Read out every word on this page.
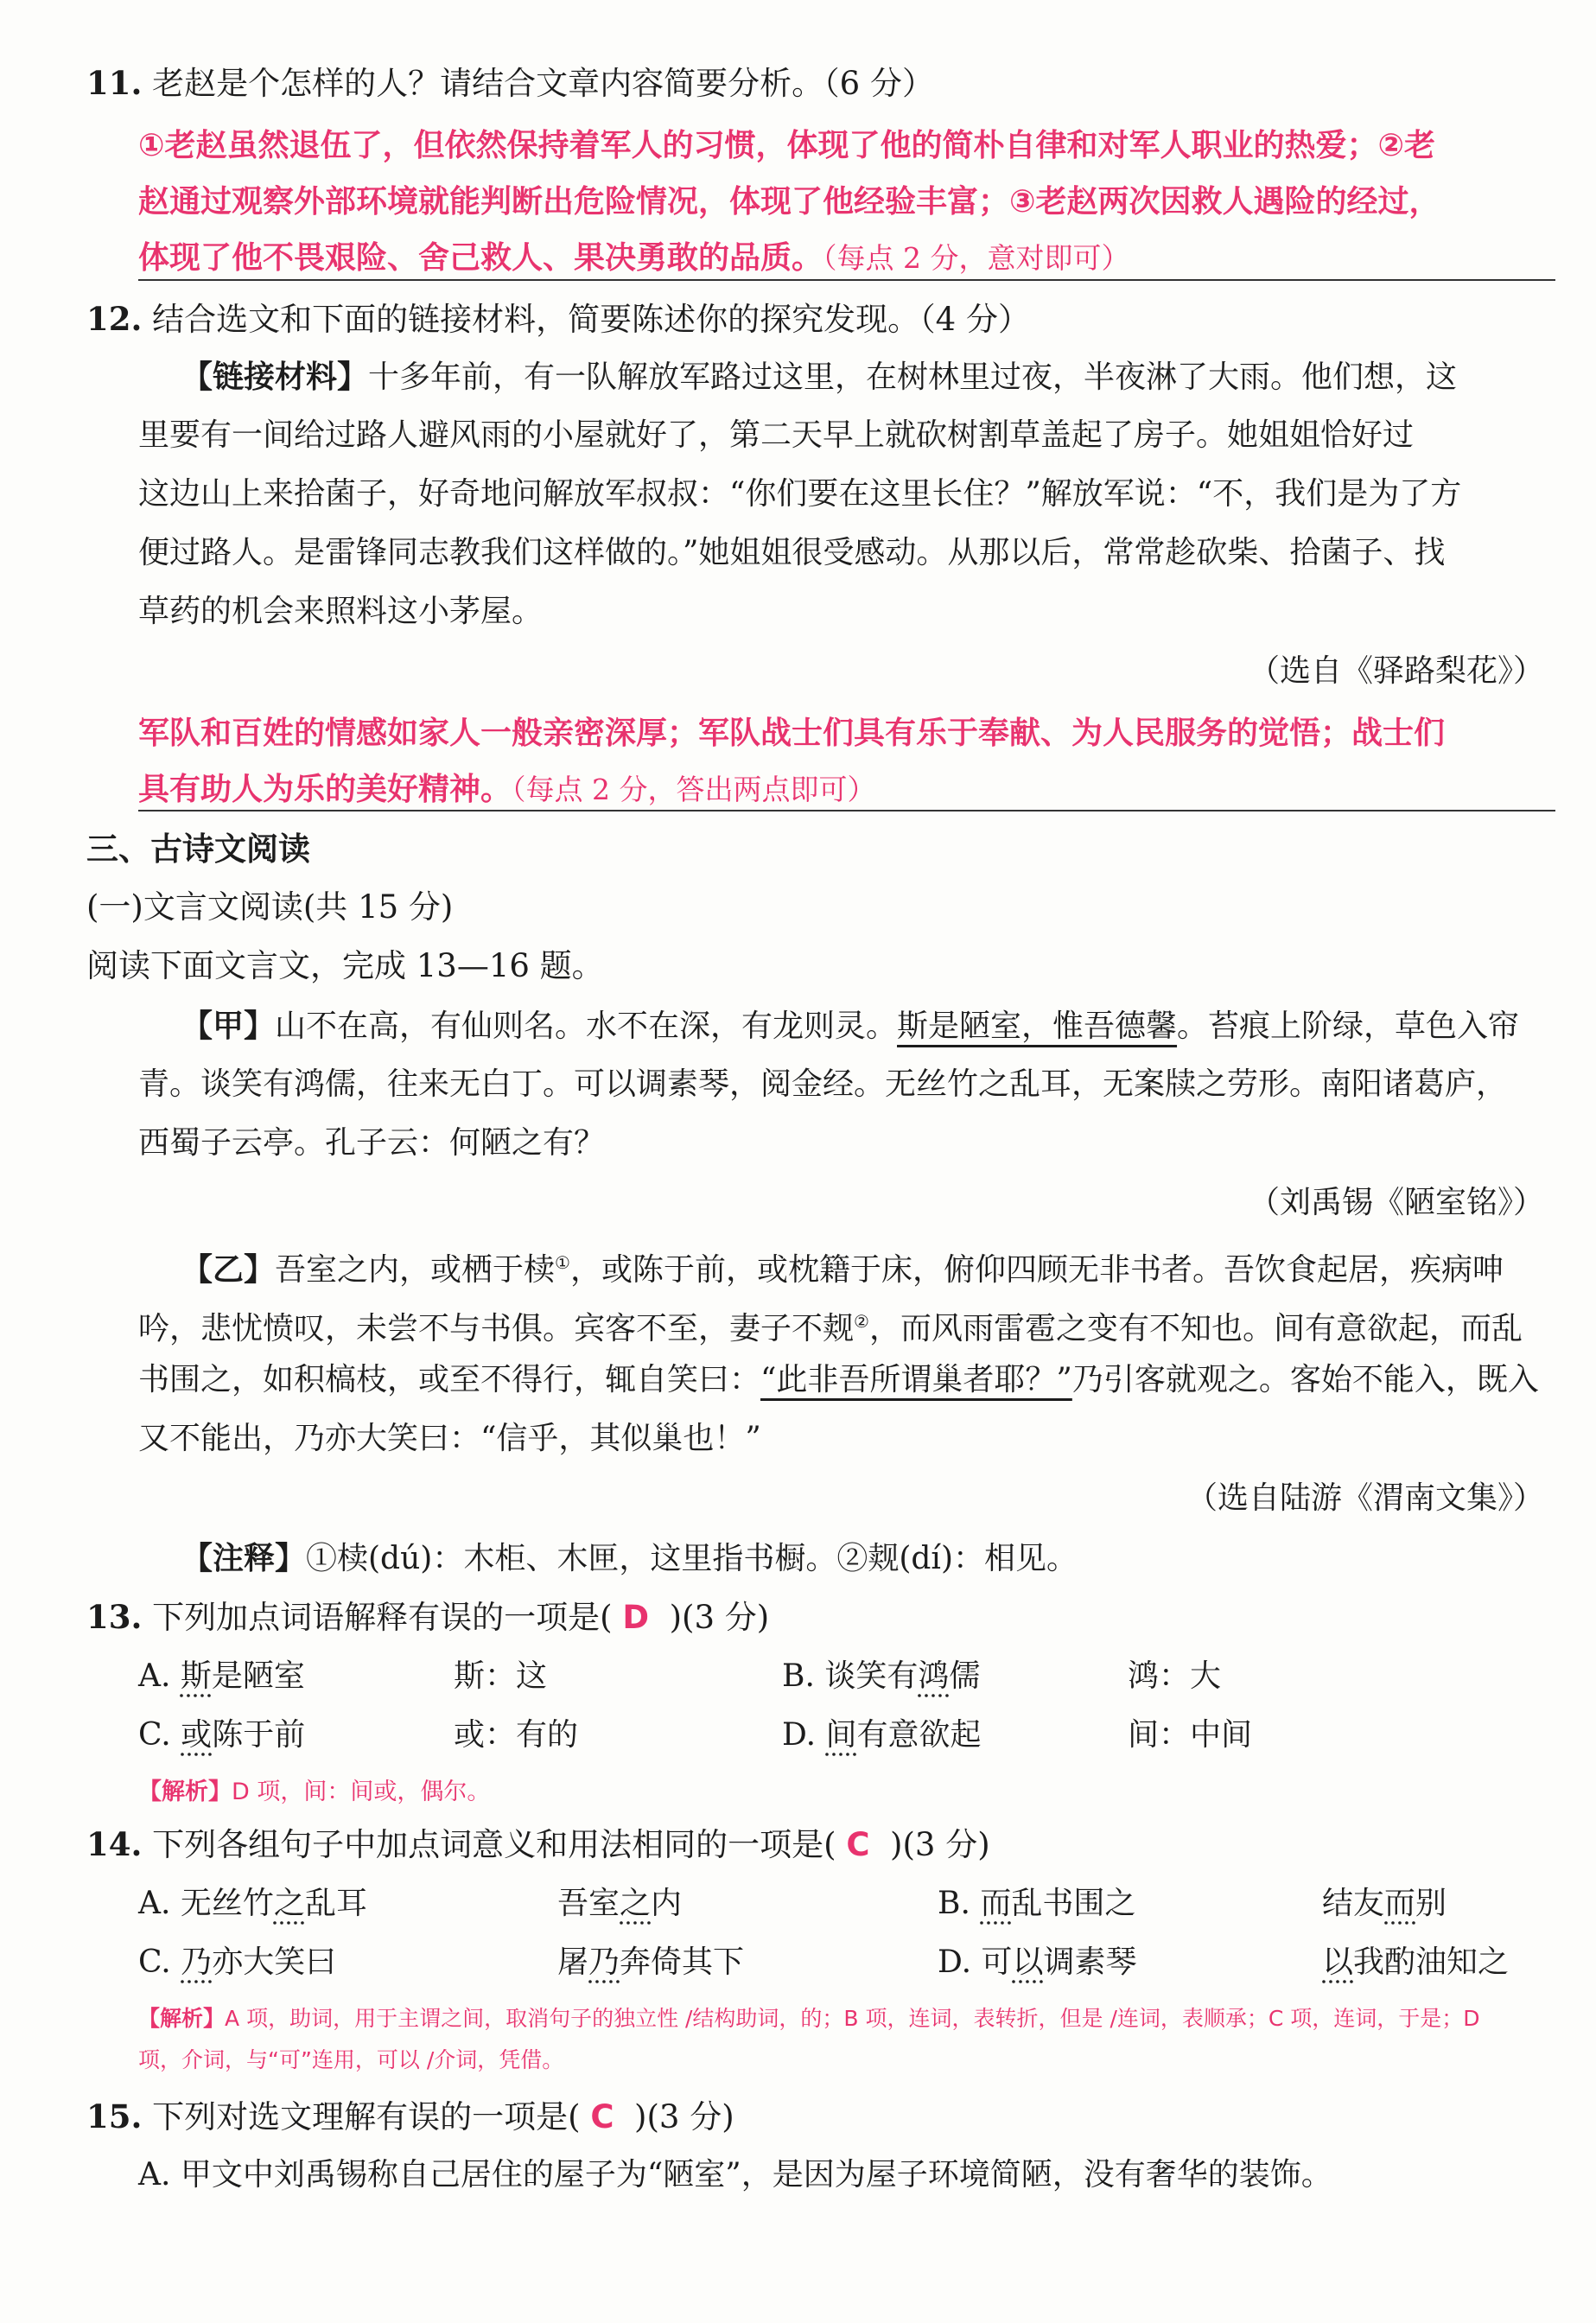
11. 老赵是个怎样的人？请结合文章内容简要分析。（6 分）
①老赵虽然退伍了，但依然保持着军人的习惯，体现了他的简朴自律和对军人职业的热爱；②老
赵通过观察外部环境就能判断出危险情况，体现了他经验丰富；③老赵两次因救人遇险的经过，
体现了他不畏艰险、舍己救人、果决勇敢的品质。（每点 2 分，意对即可）
12. 结合选文和下面的链接材料，简要陈述你的探究发现。（4 分）
【链接材料】十多年前，有一队解放军路过这里，在树林里过夜，半夜淋了大雨。他们想，这
里要有一间给过路人避风雨的小屋就好了，第二天早上就砍树割草盖起了房子。她姐姐恰好过
这边山上来拾菌子，好奇地问解放军叔叔：“你们要在这里长住？”解放军说：“不，我们是为了方
便过路人。是雷锋同志教我们这样做的。”她姐姐很受感动。从那以后，常常趁砍柴、拾菌子、找
草药的机会来照料这小茅屋。
（选自《驿路梨花》）
军队和百姓的情感如家人一般亲密深厚；军队战士们具有乐于奉献、为人民服务的觉悟；战士们
具有助人为乐的美好精神。（每点 2 分，答出两点即可）
三、古诗文阅读
(一)文言文阅读(共 15 分)
阅读下面文言文，完成 13—16 题。
【甲】山不在高，有仙则名。水不在深，有龙则灵。斯是陋室，惟吾德馨。苔痕上阶绿，草色入帘
青。谈笑有鸿儒，往来无白丁。可以调素琴，阅金经。无丝竹之乱耳，无案牍之劳形。南阳诸葛庐，
西蜀子云亭。孔子云：何陋之有？
（刘禹锡《陋室铭》）
【乙】吾室之内，或栖于椟①，或陈于前，或枕籍于床，俯仰四顾无非书者。吾饮食起居，疾病呻
吟，悲忧愤叹，未尝不与书俱。宾客不至，妻子不觌②，而风雨雷雹之变有不知也。间有意欲起，而乱
书围之，如积槁枝，或至不得行，辄自笑曰：“此非吾所谓巢者耶？”乃引客就观之。客始不能入，既入
又不能出，乃亦大笑曰：“信乎，其似巢也！”
（选自陆游《渭南文集》）
【注释】①椟(dú)：木柜、木匣，这里指书橱。②觌(dí)：相见。
13. 下列加点词语解释有误的一项是( D )(3 分)
A. 斯是陋室	斯：这	B. 谈笑有鸿儒	鸿：大
C. 或陈于前	或：有的	D. 间有意欲起	间：中间
【解析】D 项，间：间或，偶尔。
14. 下列各组句子中加点词意义和用法相同的一项是( C )(3 分)
A. 无丝竹之乱耳	吾室之内	B. 而乱书围之	结友而别
C. 乃亦大笑曰	屠乃奔倚其下	D. 可以调素琴	以我酌油知之
【解析】A 项，助词，用于主谓之间，取消句子的独立性 /结构助词，的；B 项，连词，表转折，但是 /连词，表顺承；C 项，连词，于是；D
项，介词，与“可”连用，可以 /介词，凭借。
15. 下列对选文理解有误的一项是( C )(3 分)
A. 甲文中刘禹锡称自己居住的屋子为“陋室”，是因为屋子环境简陋，没有奢华的装饰。
